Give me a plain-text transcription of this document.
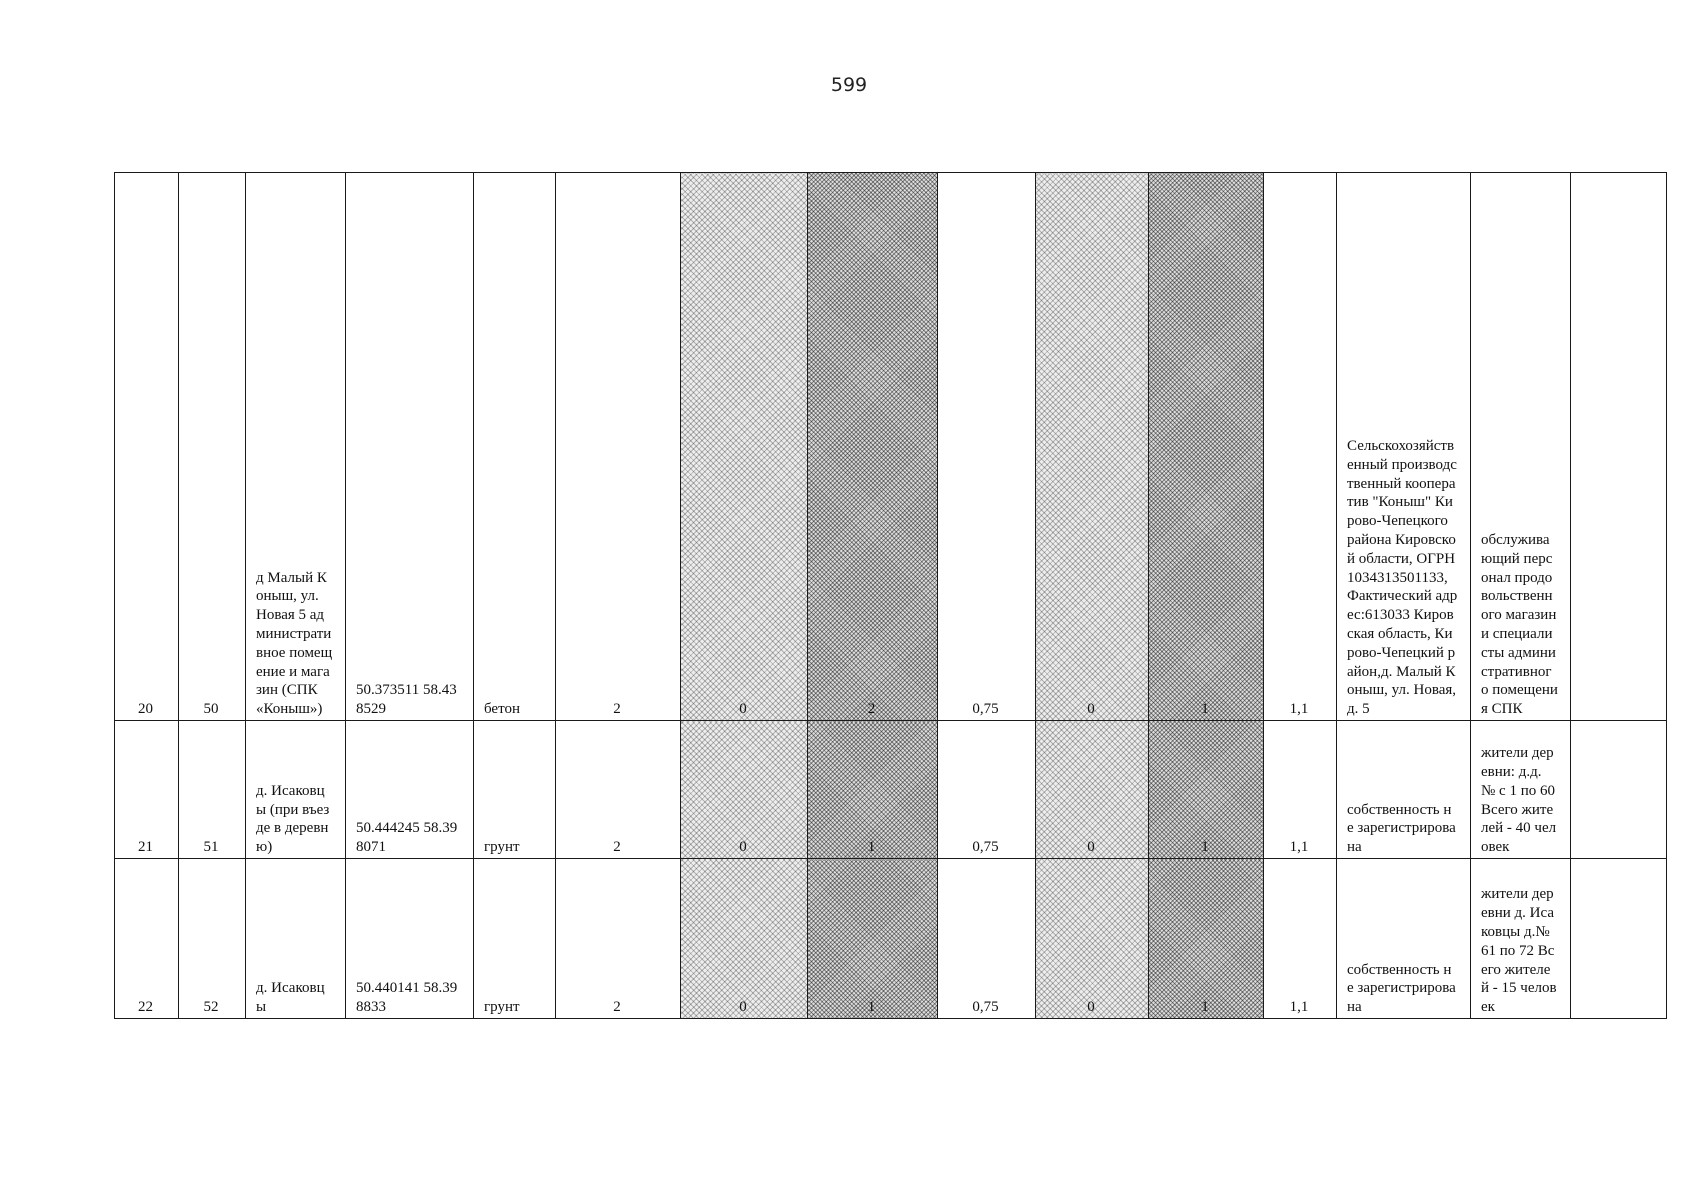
599
20	50	д Малый Коныш, ул. Новая 5 административное помещение и магазин (СПК «Коныш»)	50.373511 58.438529	бетон	2	0	2	0,75	0	1	1,1	Сельскохозяйственный производственный кооператив "Коныш" Кирово-Чепецкого района Кировской области, ОГРН 1034313501133, Фактический адрес:613033 Кировская область, Кирово-Чепецкий район,д. Малый Коныш, ул. Новая, д. 5	обслуживающий персонал продовольственного магазин и специалисты административного помещения СПК	
21	51	д. Исаковцы (при въезде в деревню)	50.444245 58.398071	грунт	2	0	1	0,75	0	1	1,1	собственность не зарегистрирована	жители деревни: д.д. № с 1 по 60 Всего жителей - 40 человек	
22	52	д. Исаковцы	50.440141 58.398833	грунт	2	0	1	0,75	0	1	1,1	собственность не зарегистрирована	жители деревни д. Исаковцы д.№ 61 по 72 Всего жителей - 15 человек	
